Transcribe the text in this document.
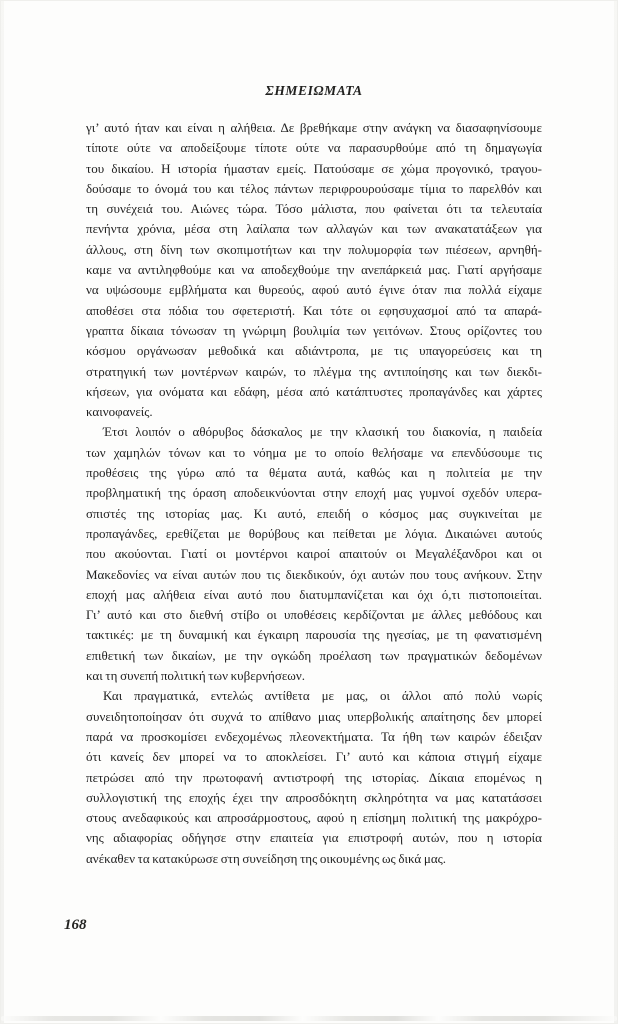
ΣΗΜΕΙΩΜΑΤΑ
γι’ αυτό ήταν και είναι η αλήθεια. Δε βρεθήκαμε στην ανάγκη να διασαφηνίσουμε
τίποτε ούτε να αποδείξουμε τίποτε ούτε να παρασυρθούμε από τη δημαγωγία
του δικαίου. Η ιστορία ήμασταν εμείς. Πατούσαμε σε χώμα προγονικό, τραγου-
δούσαμε το όνομά του και τέλος πάντων περιφρουρούσαμε τίμια το παρελθόν και
τη συνέχειά του. Αιώνες τώρα. Τόσο μάλιστα, που φαίνεται ότι τα τελευταία
πενήντα χρόνια, μέσα στη λαίλαπα των αλλαγών και των ανακατατάξεων για
άλλους, στη δίνη των σκοπιμοτήτων και την πολυμορφία των πιέσεων, αρνηθή-
καμε να αντιληφθούμε και να αποδεχθούμε την ανεπάρκειά μας. Γιατί αργήσαμε
να υψώσουμε εμβλήματα και θυρεούς, αφού αυτό έγινε όταν πια πολλά είχαμε
αποθέσει στα πόδια του σφετεριστή. Και τότε οι εφησυχασμοί από τα απαρά-
γραπτα δίκαια τόνωσαν τη γνώριμη βουλιμία των γειτόνων. Στους ορίζοντες του
κόσμου οργάνωσαν μεθοδικά και αδιάντροπα, με τις υπαγορεύσεις και τη
στρατηγική των μοντέρνων καιρών, το πλέγμα της αντιποίησης και των διεκδι-
κήσεων, για ονόματα και εδάφη, μέσα από κατάπτυστες προπαγάνδες και χάρτες
καινοφανείς.
Έτσι λοιπόν ο αθόρυβος δάσκαλος με την κλασική του διακονία, η παιδεία
των χαμηλών τόνων και το νόημα με το οποίο θελήσαμε να επενδύσουμε τις
προθέσεις της γύρω από τα θέματα αυτά, καθώς και η πολιτεία με την
προβληματική της όραση αποδεικνύονται στην εποχή μας γυμνοί σχεδόν υπερα-
σπιστές της ιστορίας μας. Κι αυτό, επειδή ο κόσμος μας συγκινείται με
προπαγάνδες, ερεθίζεται με θορύβους και πείθεται με λόγια. Δικαιώνει αυτούς
που ακούονται. Γιατί οι μοντέρνοι καιροί απαιτούν οι Μεγαλέξανδροι και οι
Μακεδονίες να είναι αυτών που τις διεκδικούν, όχι αυτών που τους ανήκουν. Στην
εποχή μας αλήθεια είναι αυτό που διατυμπανίζεται και όχι ό,τι πιστοποιείται.
Γι’ αυτό και στο διεθνή στίβο οι υποθέσεις κερδίζονται με άλλες μεθόδους και
τακτικές: με τη δυναμική και έγκαιρη παρουσία της ηγεσίας, με τη φανατισμένη
επιθετική των δικαίων, με την ογκώδη προέλαση των πραγματικών δεδομένων
και τη συνεπή πολιτική των κυβερνήσεων.
Και πραγματικά, εντελώς αντίθετα με μας, οι άλλοι από πολύ νωρίς
συνειδητοποίησαν ότι συχνά το απίθανο μιας υπερβολικής απαίτησης δεν μπορεί
παρά να προσκομίσει ενδεχομένως πλεονεκτήματα. Τα ήθη των καιρών έδειξαν
ότι κανείς δεν μπορεί να το αποκλείσει. Γι’ αυτό και κάποια στιγμή είχαμε
πετρώσει από την πρωτοφανή αντιστροφή της ιστορίας. Δίκαια επομένως η
συλλογιστική της εποχής έχει την απροσδόκητη σκληρότητα να μας κατατάσσει
στους ανεδαφικούς και απροσάρμοστους, αφού η επίσημη πολιτική της μακρόχρο-
νης αδιαφορίας οδήγησε στην επαιτεία για επιστροφή αυτών, που η ιστορία
ανέκαθεν τα κατακύρωσε στη συνείδηση της οικουμένης ως δικά μας.
168
